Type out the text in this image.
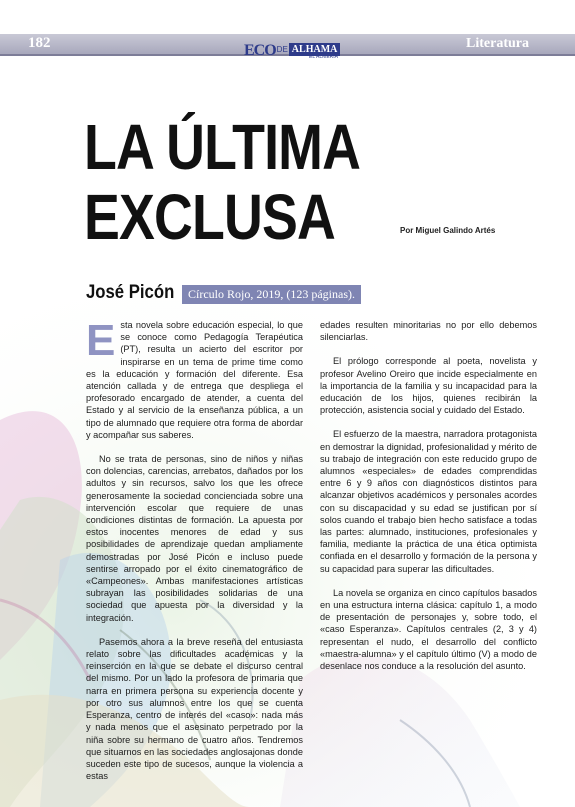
182	Literatura
ECO DE ALHAMA
EL ALMERÍA
LA ÚLTIMA
EXCLUSA	Por Miguel Galindo Artés
José Picón	Círculo Rojo, 2019, (123 páginas).

Esta novela sobre educación especial, lo que se conoce como Pedagogía Terapéutica (PT), resulta un acierto del escritor por inspirarse en un tema de prime time como es la educación y formación del diferente. Esa atención callada y de entrega que despliega el profesorado encargado de atender, a cuenta del Estado y al servicio de la enseñanza pública, a un tipo de alumnado que requiere otra forma de abordar y acompañar sus saberes.

No se trata de personas, sino de niños y niñas con dolencias, carencias, arrebatos, dañados por los adultos y sin recursos, salvo los que les ofrece generosamente la sociedad concienciada sobre una intervención escolar que requiere de unas condiciones distintas de formación. La apuesta por estos inocentes menores de edad y sus posibilidades de aprendizaje quedan ampliamente demostradas por José Picón e incluso puede sentirse arropado por el éxito cinematográfico de «Campeones». Ambas manifestaciones artísticas subrayan las posibilidades solidarias de una sociedad que apuesta por la diversidad y la integración.

Pasemos ahora a la breve reseña del entusiasta relato sobre las dificultades académicas y la reinserción en la que se debate el discurso central del mismo. Por un lado la profesora de primaria que narra en primera persona su experiencia docente y por otro sus alumnos entre los que se cuenta Esperanza, centro de interés del «caso»: nada más y nada menos que el asesinato perpetrado por la niña sobre su hermano de cuatro años. Tendremos que situarnos en las sociedades anglosajonas donde suceden este tipo de sucesos, aunque la violencia a estas

edades resulten minoritarias no por ello debemos silenciarlas.

El prólogo corresponde al poeta, novelista y profesor Avelino Oreiro que incide especialmente en la importancia de la familia y su incapacidad para la educación de los hijos, quienes recibirán la protección, asistencia social y cuidado del Estado.

El esfuerzo de la maestra, narradora protagonista en demostrar la dignidad, profesionalidad y mérito de su trabajo de integración con este reducido grupo de alumnos «especiales» de edades comprendidas entre 6 y 9 años con diagnósticos distintos para alcanzar objetivos académicos y personales acordes con su discapacidad y su edad se justifican por sí solos cuando el trabajo bien hecho satisface a todas las partes: alumnado, instituciones, profesionales y familia, mediante la práctica de una ética optimista confiada en el desarrollo y formación de la persona y su capacidad para superar las dificultades.

La novela se organiza en cinco capítulos basados en una estructura interna clásica: capítulo 1, a modo de presentación de personajes y, sobre todo, el «caso Esperanza». Capítulos centrales (2, 3 y 4) representan el nudo, el desarrollo del conflicto «maestra-alumna» y el capítulo último (V) a modo de desenlace nos conduce a la resolución del asunto.
